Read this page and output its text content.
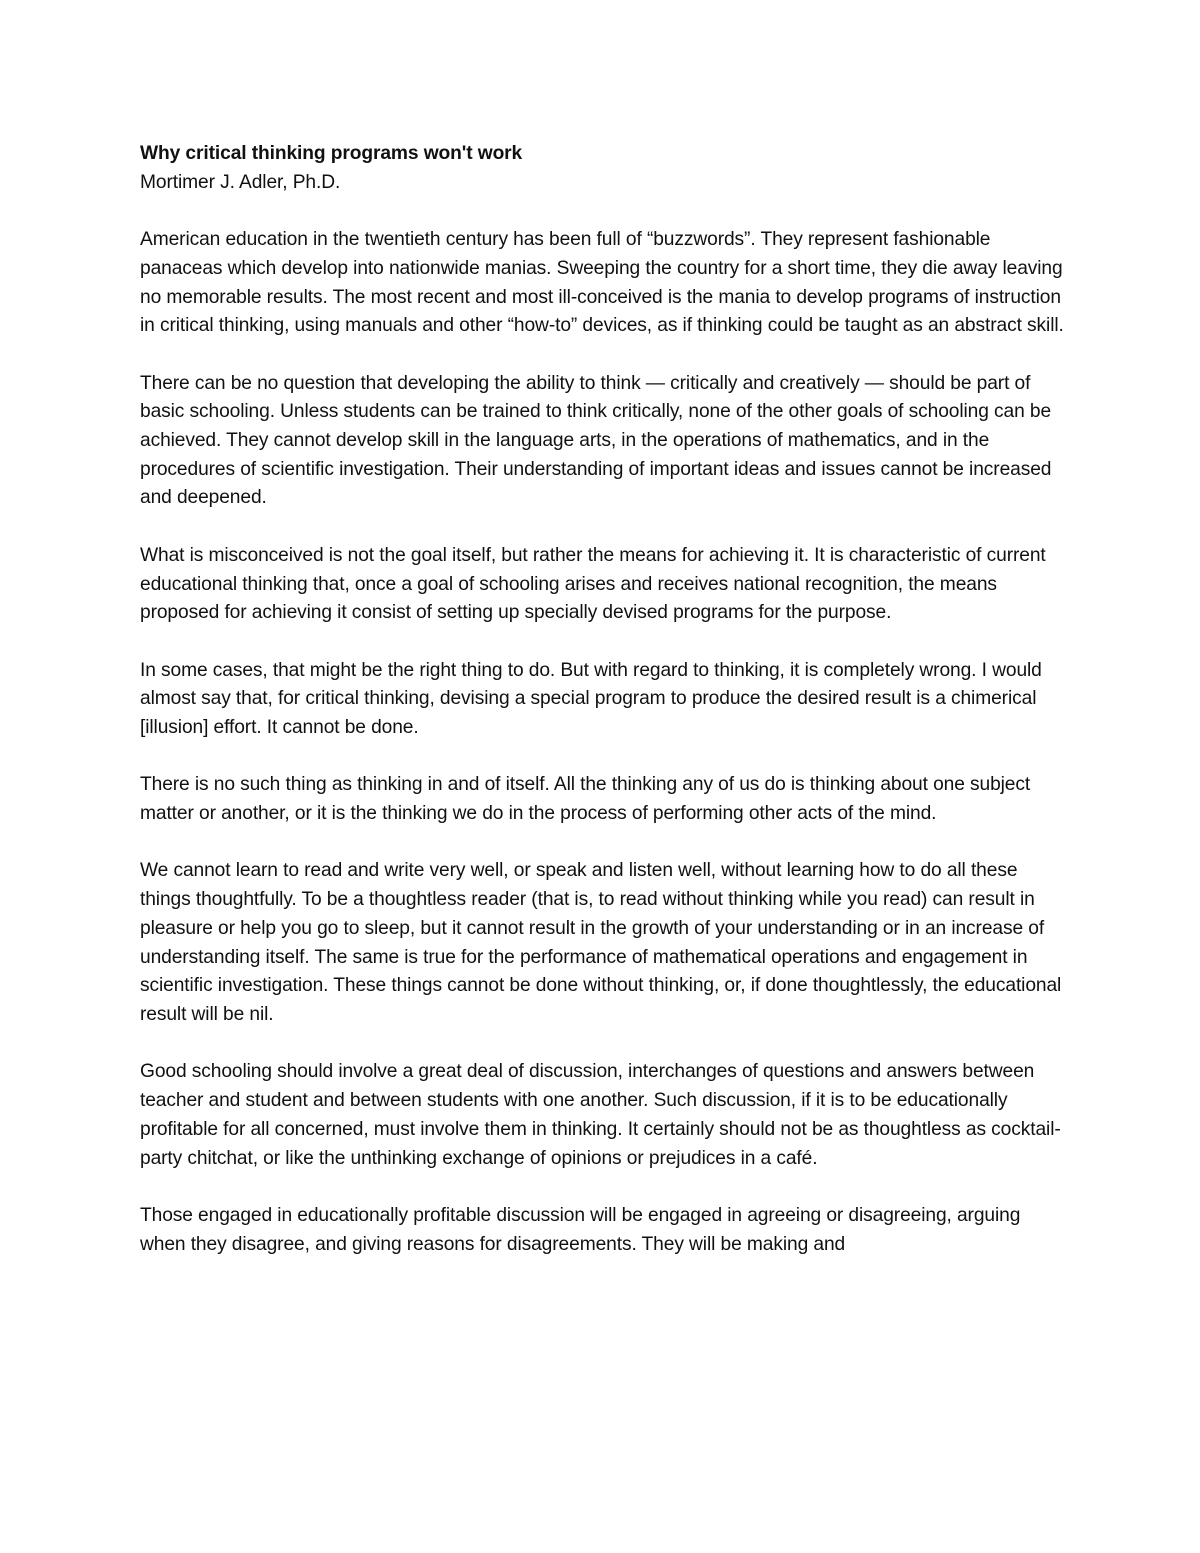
Why critical thinking programs won't work

Mortimer J. Adler, Ph.D.

American education in the twentieth century has been full of “buzzwords”. They represent fashionable panaceas which develop into nationwide manias. Sweeping the country for a short time, they die away leaving no memorable results. The most recent and most ill-conceived is the mania to develop programs of instruction in critical thinking, using manuals and other “how-to” devices, as if thinking could be taught as an abstract skill.

There can be no question that developing the ability to think — critically and creatively — should be part of basic schooling. Unless students can be trained to think critically, none of the other goals of schooling can be achieved. They cannot develop skill in the language arts, in the operations of mathematics, and in the procedures of scientific investigation. Their understanding of important ideas and issues cannot be increased and deepened.

What is misconceived is not the goal itself, but rather the means for achieving it. It is characteristic of current educational thinking that, once a goal of schooling arises and receives national recognition, the means proposed for achieving it consist of setting up specially devised programs for the purpose.

In some cases, that might be the right thing to do. But with regard to thinking, it is completely wrong. I would almost say that, for critical thinking, devising a special program to produce the desired result is a chimerical [illusion] effort. It cannot be done.

There is no such thing as thinking in and of itself. All the thinking any of us do is thinking about one subject matter or another, or it is the thinking we do in the process of performing other acts of the mind.

We cannot learn to read and write very well, or speak and listen well, without learning how to do all these things thoughtfully. To be a thoughtless reader (that is, to read without thinking while you read) can result in pleasure or help you go to sleep, but it cannot result in the growth of your understanding or in an increase of understanding itself. The same is true for the performance of mathematical operations and engagement in scientific investigation. These things cannot be done without thinking, or, if done thoughtlessly, the educational result will be nil.

Good schooling should involve a great deal of discussion, interchanges of questions and answers between teacher and student and between students with one another. Such discussion, if it is to be educationally profitable for all concerned, must involve them in thinking. It certainly should not be as thoughtless as cocktail-party chitchat, or like the unthinking exchange of opinions or prejudices in a café.

Those engaged in educationally profitable discussion will be engaged in agreeing or disagreeing, arguing when they disagree, and giving reasons for disagreements. They will be making and
